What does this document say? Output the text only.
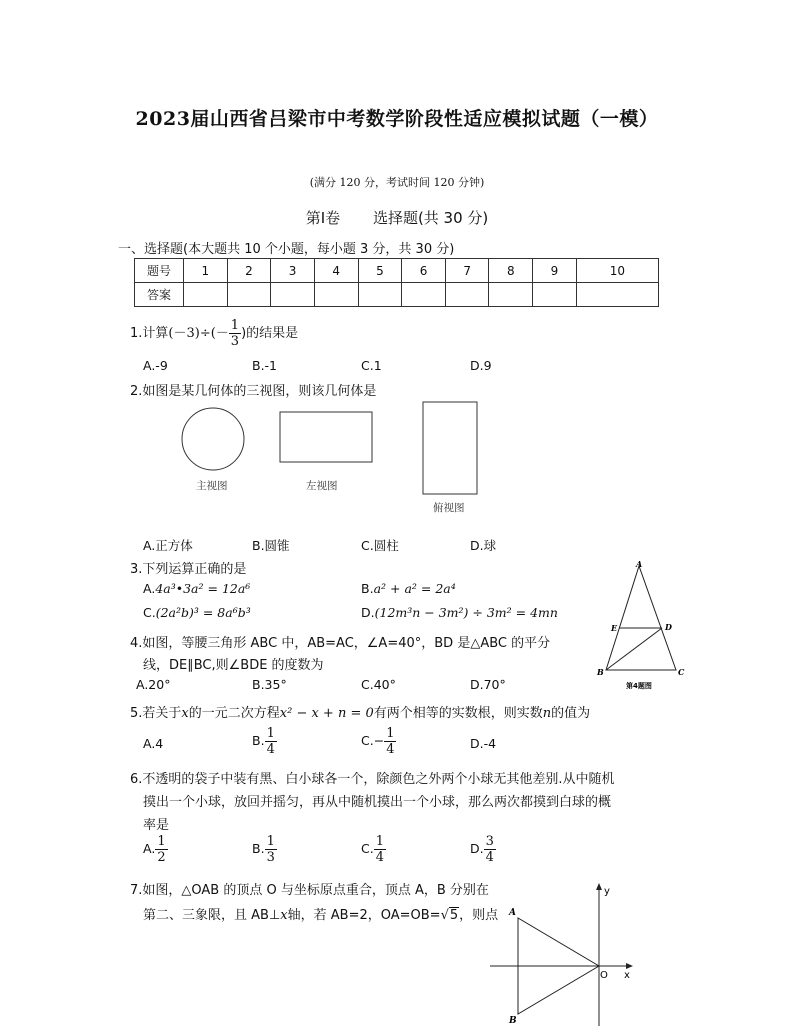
2023届山西省吕梁市中考数学阶段性适应模拟试题（一模）
(满分 120 分，考试时间 120 分钟)
第Ⅰ卷 选择题(共 30 分)
一、选择题(本大题共 10 个小题，每小题 3 分，共 30 分)
题号	1	2	3	4	5	6	7	8	9	10
答案										
1.计算$(-3)\div(- \frac{1}{3}$ )的结果是
A.-9	B.-1	C.1	D.9
2.如图是某几何体的三视图，则该几何体是
主视图	左视图
俯视图
A.正方体	B.圆锥	C.圆柱	D.球
3.下列运算正确的是
A.4a³•3a² = 12a⁶	B.a² + a² = 2a⁴
C.(2a²b)³ = 8a⁶b³	D.(12m³n − 3m²) ÷ 3m² = 4mn
4.如图，等腰三角形 ABC 中，AB=AC，∠A=40°，BD 是△ABC 的平分
线，DE∥BC,则∠BDE 的度数为
A.20°	B.35°	C.40°	D.70°
A
E	D
B	C
第4题图
5.若关于x的一元二次方程x² − x + n = 0有两个相等的实数根，则实数n的值为
A.4	B. $\frac{1}{4}$	$C.- \frac{1}{4}$	D.-4
6.不透明的袋子中装有黑、白小球各一个，除颜色之外两个小球无其他差别.从中随机
摸出一个小球，放回并摇匀，再从中随机摸出一个小球，那么两次都摸到白球的概
率是
A. $\frac{1}{2}$	B. $\frac{1}{3}$	C. $\frac{1}{4}$	D. $\frac{3}{4}$
7.如图，△OAB 的顶点 O 与坐标原点重合，顶点 A，B 分别在
第二、三象限，且 AB⊥x轴，若 AB=2，OA=OB=√5，则点 A
B
O x
y
